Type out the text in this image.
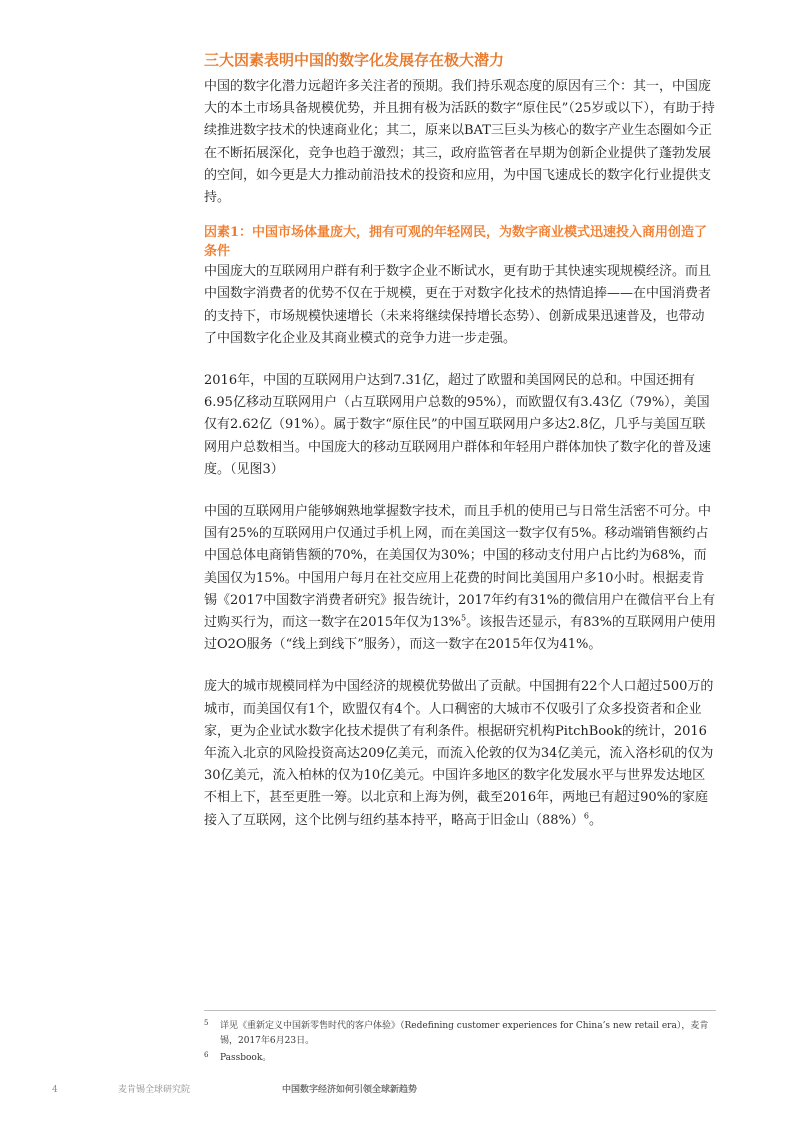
三大因素表明中国的数字化发展存在极大潜力

中国的数字化潜力远超许多关注者的预期。我们持乐观态度的原因有三个：其一，中国庞大的本土市场具备规模优势，并且拥有极为活跃的数字“原住民”（25岁或以下），有助于持续推进数字技术的快速商业化；其二，原来以BAT三巨头为核心的数字产业生态圈如今正在不断拓展深化，竞争也趋于激烈；其三，政府监管者在早期为创新企业提供了蓬勃发展的空间，如今更是大力推动前沿技术的投资和应用，为中国飞速成长的数字化行业提供支持。

因素1：中国市场体量庞大，拥有可观的年轻网民，为数字商业模式迅速投入商用创造了条件

中国庞大的互联网用户群有利于数字企业不断试水，更有助于其快速实现规模经济。而且中国数字消费者的优势不仅在于规模，更在于对数字化技术的热情追捧——在中国消费者的支持下，市场规模快速增长（未来将继续保持增长态势）、创新成果迅速普及，也带动了中国数字化企业及其商业模式的竞争力进一步走强。

2016年，中国的互联网用户达到7.31亿，超过了欧盟和美国网民的总和。中国还拥有6.95亿移动互联网用户（占互联网用户总数的95%），而欧盟仅有3.43亿（79%），美国仅有2.62亿（91%）。属于数字“原住民”的中国互联网用户多达2.8亿，几乎与美国互联网用户总数相当。中国庞大的移动互联网用户群体和年轻用户群体加快了数字化的普及速度。（见图3）

中国的互联网用户能够娴熟地掌握数字技术，而且手机的使用已与日常生活密不可分。中国有25%的互联网用户仅通过手机上网，而在美国这一数字仅有5%。移动端销售额约占中国总体电商销售额的70%，在美国仅为30%；中国的移动支付用户占比约为68%，而美国仅为15%。中国用户每月在社交应用上花费的时间比美国用户多10小时。根据麦肯锡《2017中国数字消费者研究》报告统计，2017年约有31%的微信用户在微信平台上有过购买行为，而这一数字在2015年仅为13%$^5$。该报告还显示，有83%的互联网用户使用过O2O服务（“线上到线下”服务），而这一数字在2015年仅为41%。

庞大的城市规模同样为中国经济的规模优势做出了贡献。中国拥有22个人口超过500万的城市，而美国仅有1个，欧盟仅有4个。人口稠密的大城市不仅吸引了众多投资者和企业家，更为企业试水数字化技术提供了有利条件。根据研究机构PitchBook的统计，2016年流入北京的风险投资高达209亿美元，而流入伦敦的仅为34亿美元，流入洛杉矶的仅为30亿美元，流入柏林的仅为10亿美元。中国许多地区的数字化发展水平与世界发达地区不相上下，甚至更胜一筹。以北京和上海为例，截至2016年，两地已有超过90%的家庭接入了互联网，这个比例与纽约基本持平，略高于旧金山$(88\%)^6$。

5 详见《重新定义中国新零售时代的客户体验》（Redefining customer experiences for China’s new retail era），麦肯锡，2017年6月23日。
6 Passbook。
4	麦肯锡全球研究院	中国数字经济如何引领全球新趋势
